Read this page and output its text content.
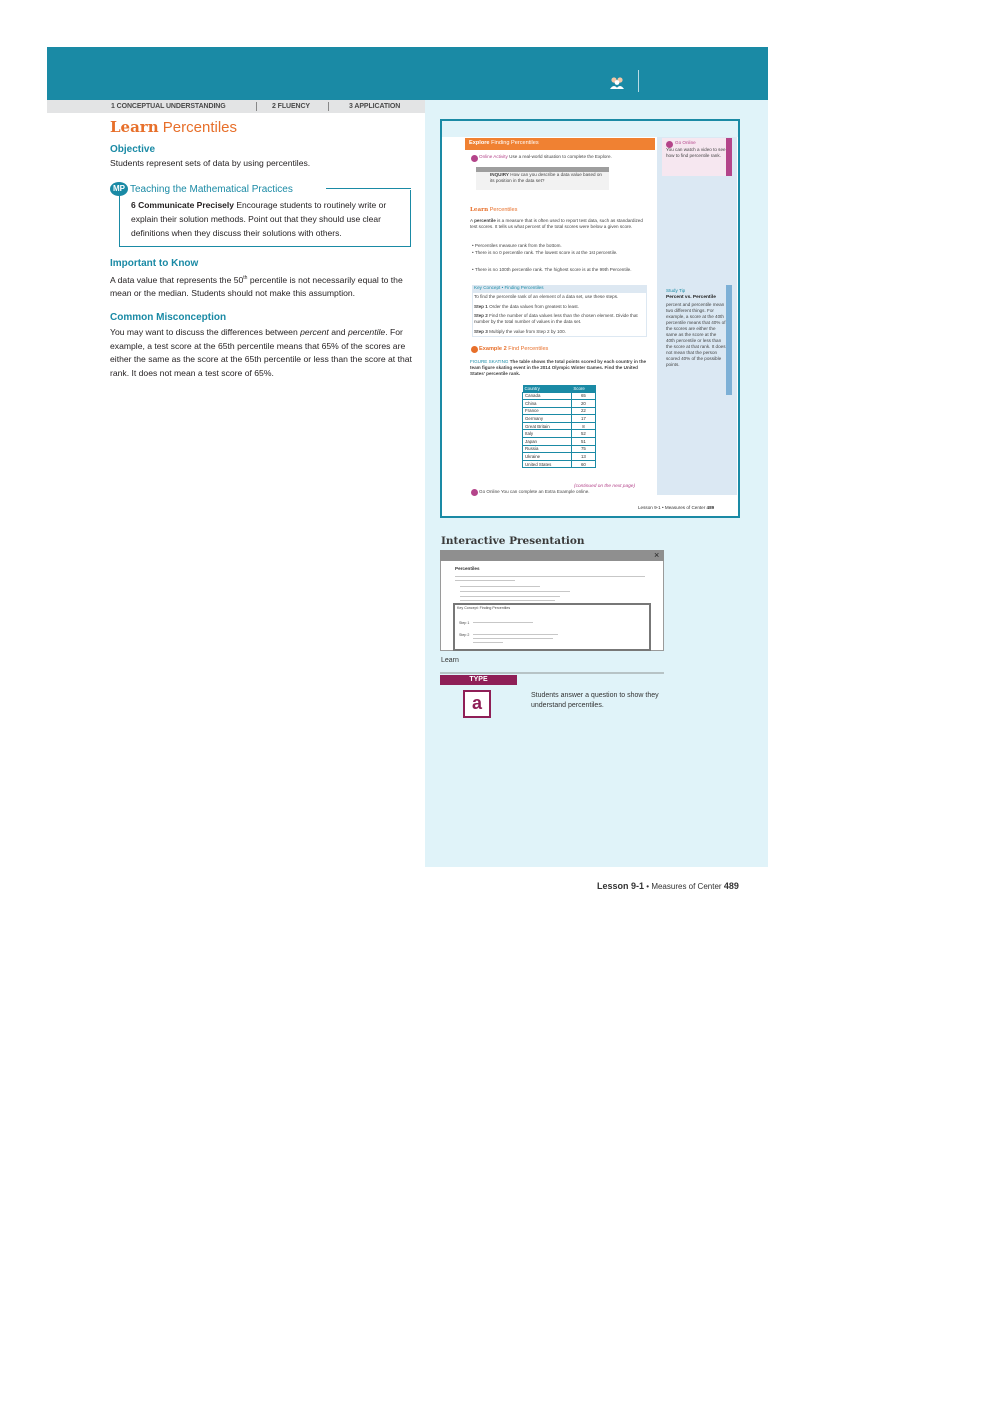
1 CONCEPTUAL UNDERSTANDING	2 FLUENCY	3 APPLICATION
Learn Percentiles
Objective
Students represent sets of data by using percentiles.
MP Teaching the Mathematical Practices
6 Communicate Precisely Encourage students to routinely write or explain their solution methods. Point out that they should use clear definitions when they discuss their solutions with others.
Important to Know
A data value that represents the 50th percentile is not necessarily equal to the mean or the median. Students should not make this assumption.
Common Misconception
You may want to discuss the differences between percent and percentile. For example, a test score at the 65th percentile means that 65% of the scores are either the same as the score at the 65th percentile or less than the score at that rank. It does not mean a test score of 65%.
Go Online
You can watch a video to see how to find percentile rank.
Explore Finding Percentiles
Online Activity Use a real-world situation to complete the Explore.
INQUIRY How can you describe a data value based on its position in the data set?
Learn Percentiles
A percentile is a measure that is often used to report test data, such as standardized test scores. It tells us what percent of the total scores were below a given score.
• Percentiles measure rank from the bottom.
• There is no 0 percentile rank. The lowest score is at the 1st percentile.
• There is no 100th percentile rank. The highest score is at the 99th Percentile.
Key Concept • Finding Percentiles
To find the percentile rank of an element of a data set, use these steps.
Step 1 Order the data values from greatest to least.
Step 2 Find the number of data values less than the chosen element. Divide that number by the total number of values in the data set.
Step 3 Multiply the value from Step 2 by 100.
Study Tip
Percent vs. Percentile
percent and percentile mean two different things. For example, a score at the 40th percentile means that 40% of the scores are either the same as the score at the 40th percentile or less than the score at that rank. It does not mean that the person scored 40% of the possible points.
Example 2 Find Percentiles
FIGURE SKATING The table shows the total points scored by each country in the team figure skating event in the 2014 Olympic Winter Games. Find the United States' percentile rank.
Country	Score
Canada	65
China	20
France	22
Germany	17
Great Britain	8
Italy	52
Japan	51
Russia	75
Ukraine	13
United States	60
(continued on the next page)
Go Online You can complete an Extra Example online.
Lesson 9-1 • Measures of Center 489
Interactive Presentation
×
Percentiles
Key Concept: Finding Percentiles
Step 1
Step 2
Learn
TYPE
a	Students answer a question to show they understand percentiles.
Lesson 9-1 • Measures of Center 489
